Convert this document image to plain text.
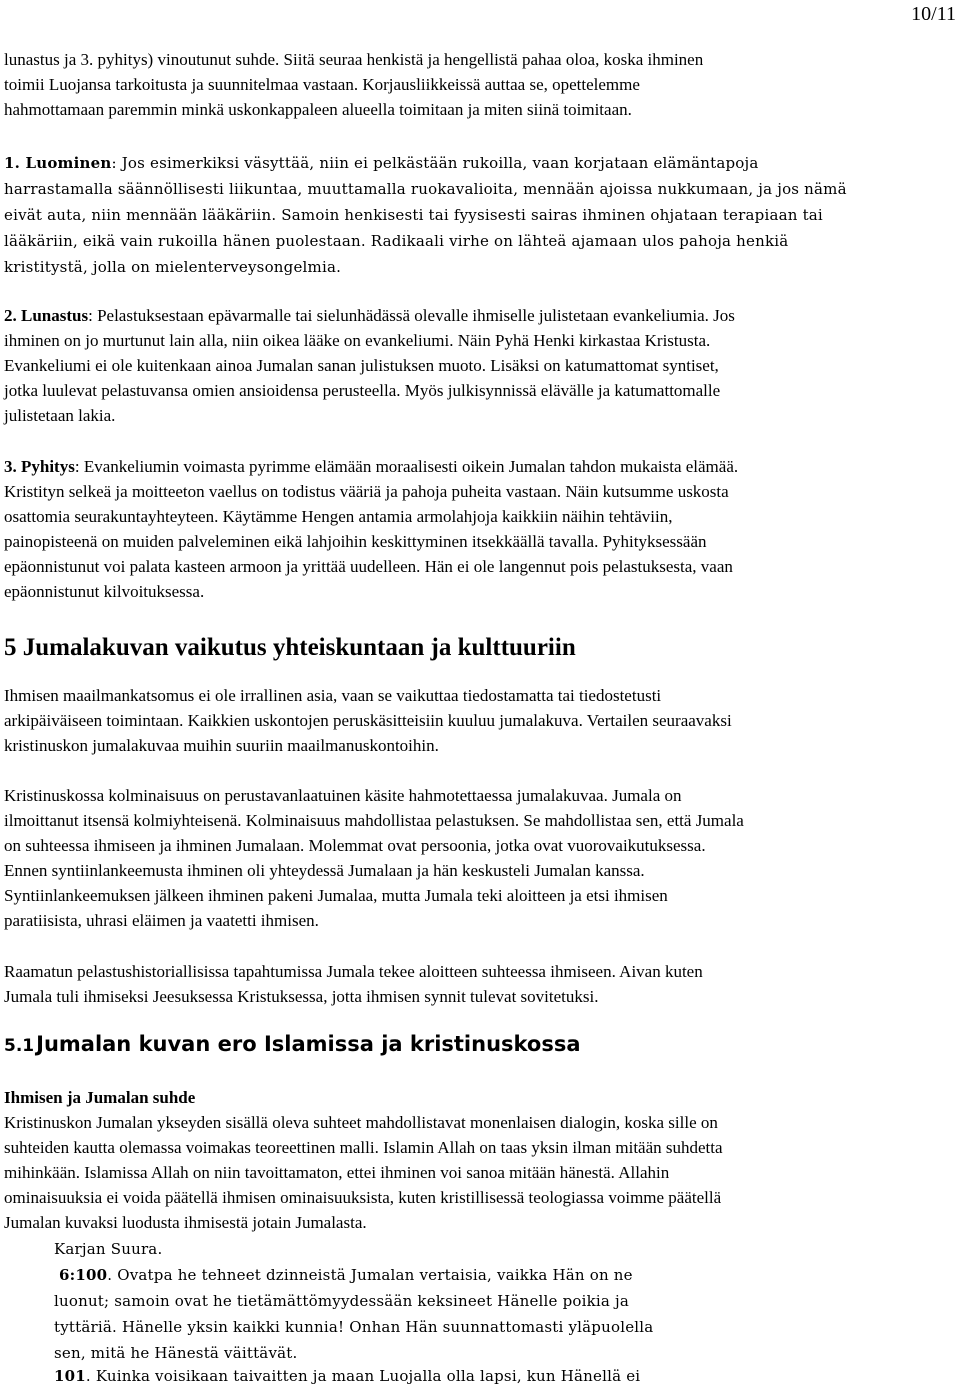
10/11
lunastus ja 3. pyhitys) vinoutunut suhde. Siitä seuraa henkistä ja hengellistä pahaa oloa, koska ihminen
toimii Luojansa tarkoitusta ja suunnitelmaa vastaan. Korjausliikkeissä auttaa se, opettelemme
hahmottamaan paremmin minkä uskonkappaleen alueella toimitaan ja miten siinä toimitaan.
1. Luominen: Jos esimerkiksi väsyttää, niin ei pelkästään rukoilla, vaan korjataan elämäntapoja
harrastamalla säännöllisesti liikuntaa, muuttamalla ruokavalioita, mennään ajoissa nukkumaan, ja jos nämä
eivät auta, niin mennään lääkäriin. Samoin henkisesti tai fyysisesti sairas ihminen ohjataan terapiaan tai
lääkäriin, eikä vain rukoilla hänen puolestaan. Radikaali virhe on lähteä ajamaan ulos pahoja henkiä
kristitystä, jolla on mielenterveysongelmia.
2. Lunastus: Pelastuksestaan epävarmalle tai sielunhädässä olevalle ihmiselle julistetaan evankeliumia. Jos
ihminen on jo murtunut lain alla, niin oikea lääke on evankeliumi. Näin Pyhä Henki kirkastaa Kristusta.
Evankeliumi ei ole kuitenkaan ainoa Jumalan sanan julistuksen muoto. Lisäksi on katumattomat syntiset,
jotka luulevat pelastuvansa omien ansioidensa perusteella. Myös julkisynnissä elävälle ja katumattomalle
julistetaan lakia.
3. Pyhitys: Evankeliumin voimasta pyrimme elämään moraalisesti oikein Jumalan tahdon mukaista elämää.
Kristityn selkeä ja moitteeton vaellus on todistus vääriä ja pahoja puheita vastaan. Näin kutsumme uskosta
osattomia seurakuntayhteyteen. Käytämme Hengen antamia armolahjoja kaikkiin näihin tehtäviin,
painopisteenä on muiden palveleminen eikä lahjoihin keskittyminen itsekkäällä tavalla. Pyhityksessään
epäonnistunut voi palata kasteen armoon ja yrittää uudelleen. Hän ei ole langennut pois pelastuksesta, vaan
epäonnistunut kilvoituksessa.
5 Jumalakuvan vaikutus yhteiskuntaan ja kulttuuriin
Ihmisen maailmankatsomus ei ole irrallinen asia, vaan se vaikuttaa tiedostamatta tai tiedostetusti
arkipäiväiseen toimintaan. Kaikkien uskontojen peruskäsitteisiin kuuluu jumalakuva. Vertailen seuraavaksi
kristinuskon jumalakuvaa muihin suuriin maailmanuskontoihin.
Kristinuskossa kolminaisuus on perustavanlaatuinen käsite hahmotettaessa jumalakuvaa. Jumala on
ilmoittanut itsensä kolmiyhteisenä. Kolminaisuus mahdollistaa pelastuksen. Se mahdollistaa sen, että Jumala
on suhteessa ihmiseen ja ihminen Jumalaan. Molemmat ovat persoonia, jotka ovat vuorovaikutuksessa.
Ennen syntiinlankeemusta ihminen oli yhteydessä Jumalaan ja hän keskusteli Jumalan kanssa.
Syntiinlankeemuksen jälkeen ihminen pakeni Jumalaa, mutta Jumala teki aloitteen ja etsi ihmisen
paratiisista, uhrasi eläimen ja vaatetti ihmisen.
Raamatun pelastushistoriallisissa tapahtumissa Jumala tekee aloitteen suhteessa ihmiseen. Aivan kuten
Jumala tuli ihmiseksi Jeesuksessa Kristuksessa, jotta ihmisen synnit tulevat sovitetuksi.
5.1Jumalan kuvan ero Islamissa ja kristinuskossa
Ihmisen ja Jumalan suhde
Kristinuskon Jumalan ykseyden sisällä oleva suhteet mahdollistavat monenlaisen dialogin, koska sille on
suhteiden kautta olemassa voimakas teoreettinen malli. Islamin Allah on taas yksin ilman mitään suhdetta
mihinkään. Islamissa Allah on niin tavoittamaton, ettei ihminen voi sanoa mitään hänestä. Allahin
ominaisuuksia ei voida päätellä ihmisen ominaisuuksista, kuten kristillisessä teologiassa voimme päätellä
Jumalan kuvaksi luodusta ihmisestä jotain Jumalasta.
Karjan Suura.
6:100. Ovatpa he tehneet dzinneistä Jumalan vertaisia, vaikka Hän on ne
luonut; samoin ovat he tietämättömyydessään keksineet Hänelle poikia ja
tyttäriä. Hänelle yksin kaikki kunnia! Onhan Hän suunnattomasti yläpuolella
sen, mitä he Hänestä väittävät.
101. Kuinka voisikaan taivaitten ja maan Luojalla olla lapsi, kun Hänellä ei
